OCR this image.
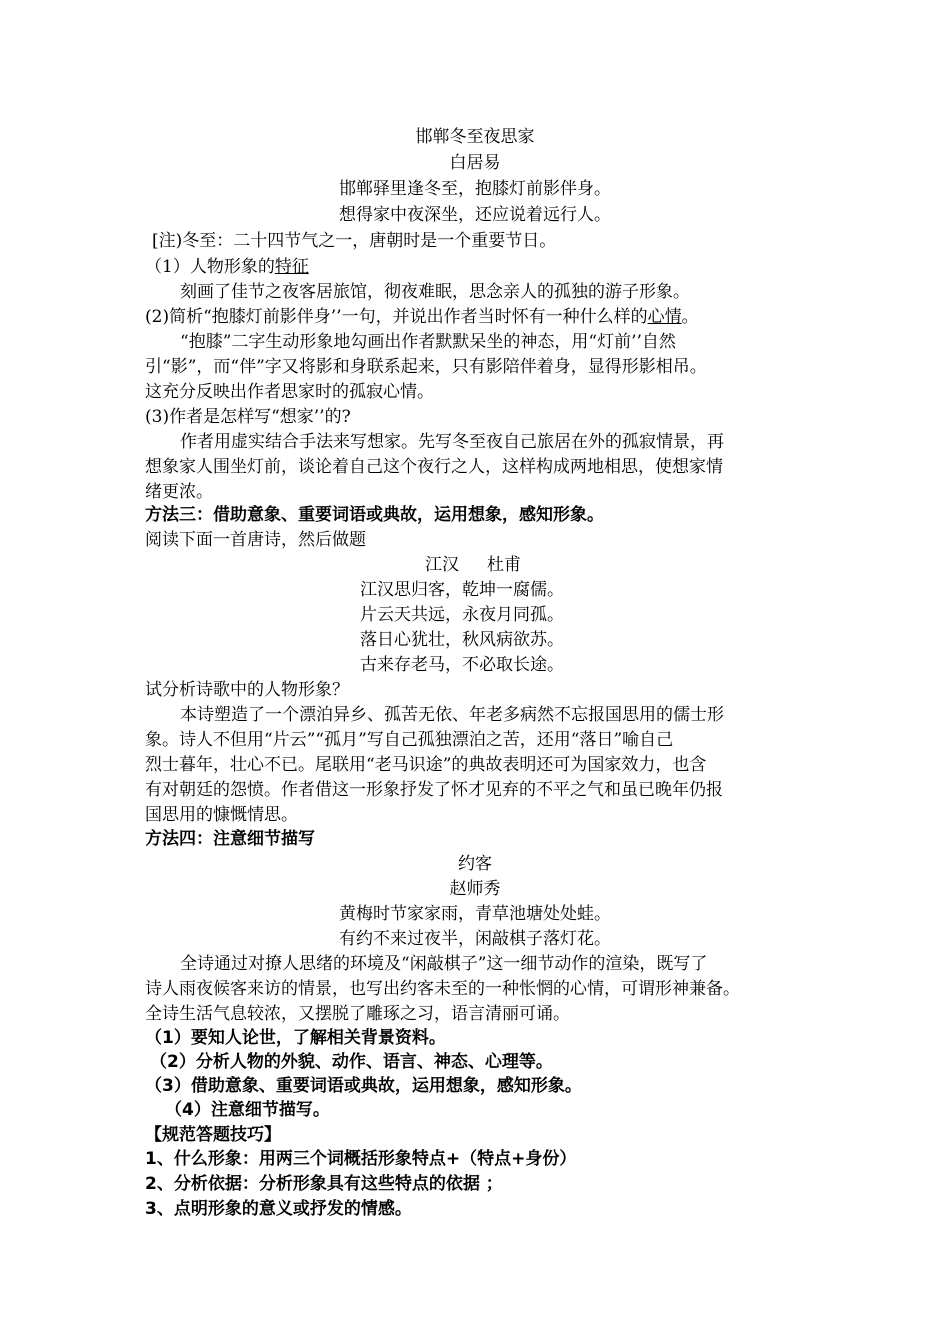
邯郸冬至夜思家
白居易
邯郸驿里逢冬至，抱膝灯前影伴身。
想得家中夜深坐，还应说着远行人。
[注)冬至：二十四节气之一，唐朝时是一个重要节日。
（1）人物形象的特征
刻画了佳节之夜客居旅馆，彻夜难眠，思念亲人的孤独的游子形象。
(2)简析“抱膝灯前影伴身’’一句，并说出作者当时怀有一种什么样的心情。
“抱膝”二字生动形象地勾画出作者默默呆坐的神态，用“灯前’’自然
引“影”，而“伴”字又将影和身联系起来，只有影陪伴着身，显得形影相吊。
这充分反映出作者思家时的孤寂心情。
(3)作者是怎样写“想家’’的?
作者用虚实结合手法来写想家。先写冬至夜自己旅居在外的孤寂情景，再
想象家人围坐灯前，谈论着自己这个夜行之人，这样构成两地相思，使想家情
绪更浓。
方法三：借助意象、重要词语或典故，运用想象，感知形象。
阅读下面一首唐诗，然后做题
江汉 杜甫
江汉思归客，乾坤一腐儒。
片云天共远，永夜月同孤。
落日心犹壮，秋风病欲苏。
古来存老马，不必取长途。
试分析诗歌中的人物形象？
本诗塑造了一个漂泊异乡、孤苦无依、年老多病然不忘报国思用的儒士形
象。诗人不但用“片云”“孤月”写自己孤独漂泊之苦，还用“落日”喻自己
烈士暮年，壮心不已。尾联用“老马识途”的典故表明还可为国家效力，也含
有对朝廷的怨愤。作者借这一形象抒发了怀才见弃的不平之气和虽已晚年仍报
国思用的慷慨情思。
方法四：注意细节描写
约客
赵师秀
黄梅时节家家雨，青草池塘处处蛙。
有约不来过夜半，闲敲棋子落灯花。
全诗通过对撩人思绪的环境及“闲敲棋子”这一细节动作的渲染，既写了
诗人雨夜候客来访的情景，也写出约客未至的一种怅惘的心情，可谓形神兼备。
全诗生活气息较浓，又摆脱了雕琢之习，语言清丽可诵。
（1）要知人论世，了解相关背景资料。
（2）分析人物的外貌、动作、语言、神态、心理等。
（3）借助意象、重要词语或典故，运用想象，感知形象。
（4）注意细节描写。
【规范答题技巧】
1、什么形象：用两三个词概括形象特点+（特点+身份）
2、分析依据：分析形象具有这些特点的依据 ；
3、点明形象的意义或抒发的情感。
